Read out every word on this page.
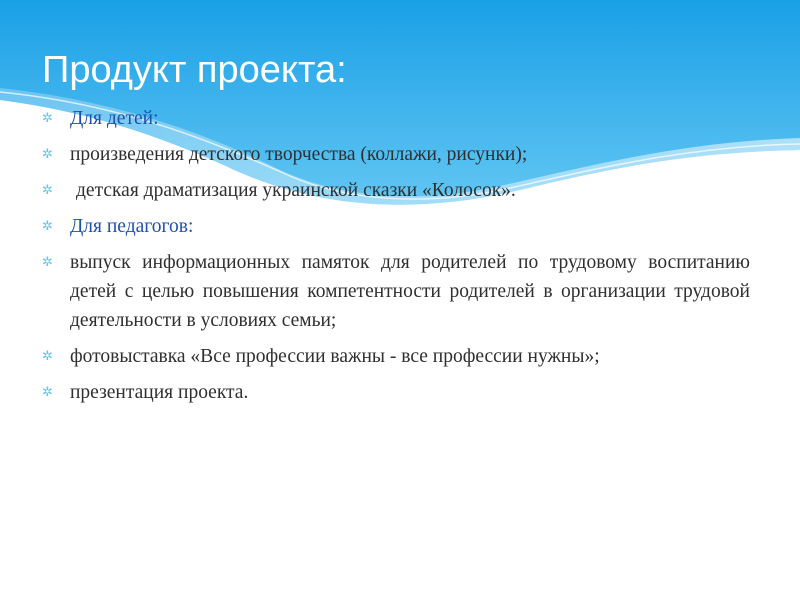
Продукт проекта:
✲ Для детей:
✲ произведения детского творчества (коллажи, рисунки);
✲ детская драматизация украинской сказки «Колосок».
✲ Для педагогов:
✲ выпуск информационных памяток для родителей по трудовому воспитанию детей с целью повышения компетентности родителей в организации трудовой деятельности в условиях семьи;
✲ фотовыставка «Все профессии важны - все профессии нужны»;
✲ презентация проекта.
